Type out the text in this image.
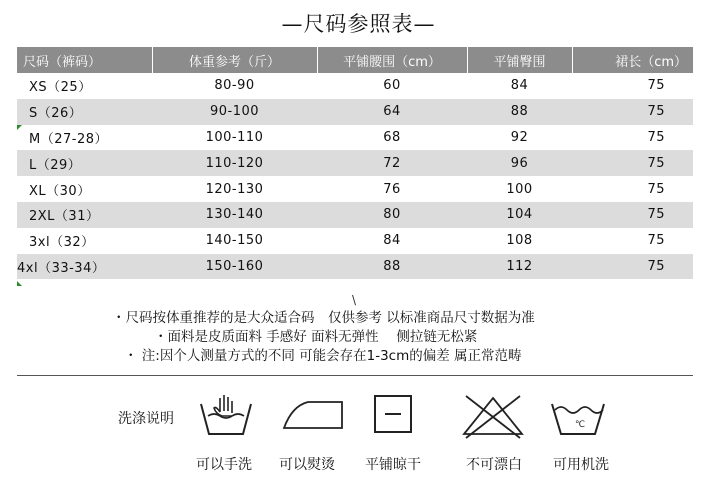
—尺码参照表—
尺码（裤码）	体重参考（斤）	平铺腰围（cm）	平铺臀围	裙长（cm）
XS（25）	80-90	60	84	75
S（26）	90-100	64	88	75
M（27-28）	100-110	68	92	75
L（29）	110-120	72	96	75
XL（30）	120-130	76	100	75
2XL（31）	130-140	80	104	75
3xl（32）	140-150	84	108	75
4xl（33-34）	150-160	88	112	75
\
・尺码按体重推荐的是大众适合码　仅供参考 以标准商品尺寸数据为准
・面料是皮质面料 手感好 面料无弹性　 侧拉链无松紧
・ 注:因个人测量方式的不同 可能会存在1-3cm的偏差 属正常范畴
洗涤说明	℃
可以手洗 可以熨烫 平铺晾干	不可漂白 可用机洗
